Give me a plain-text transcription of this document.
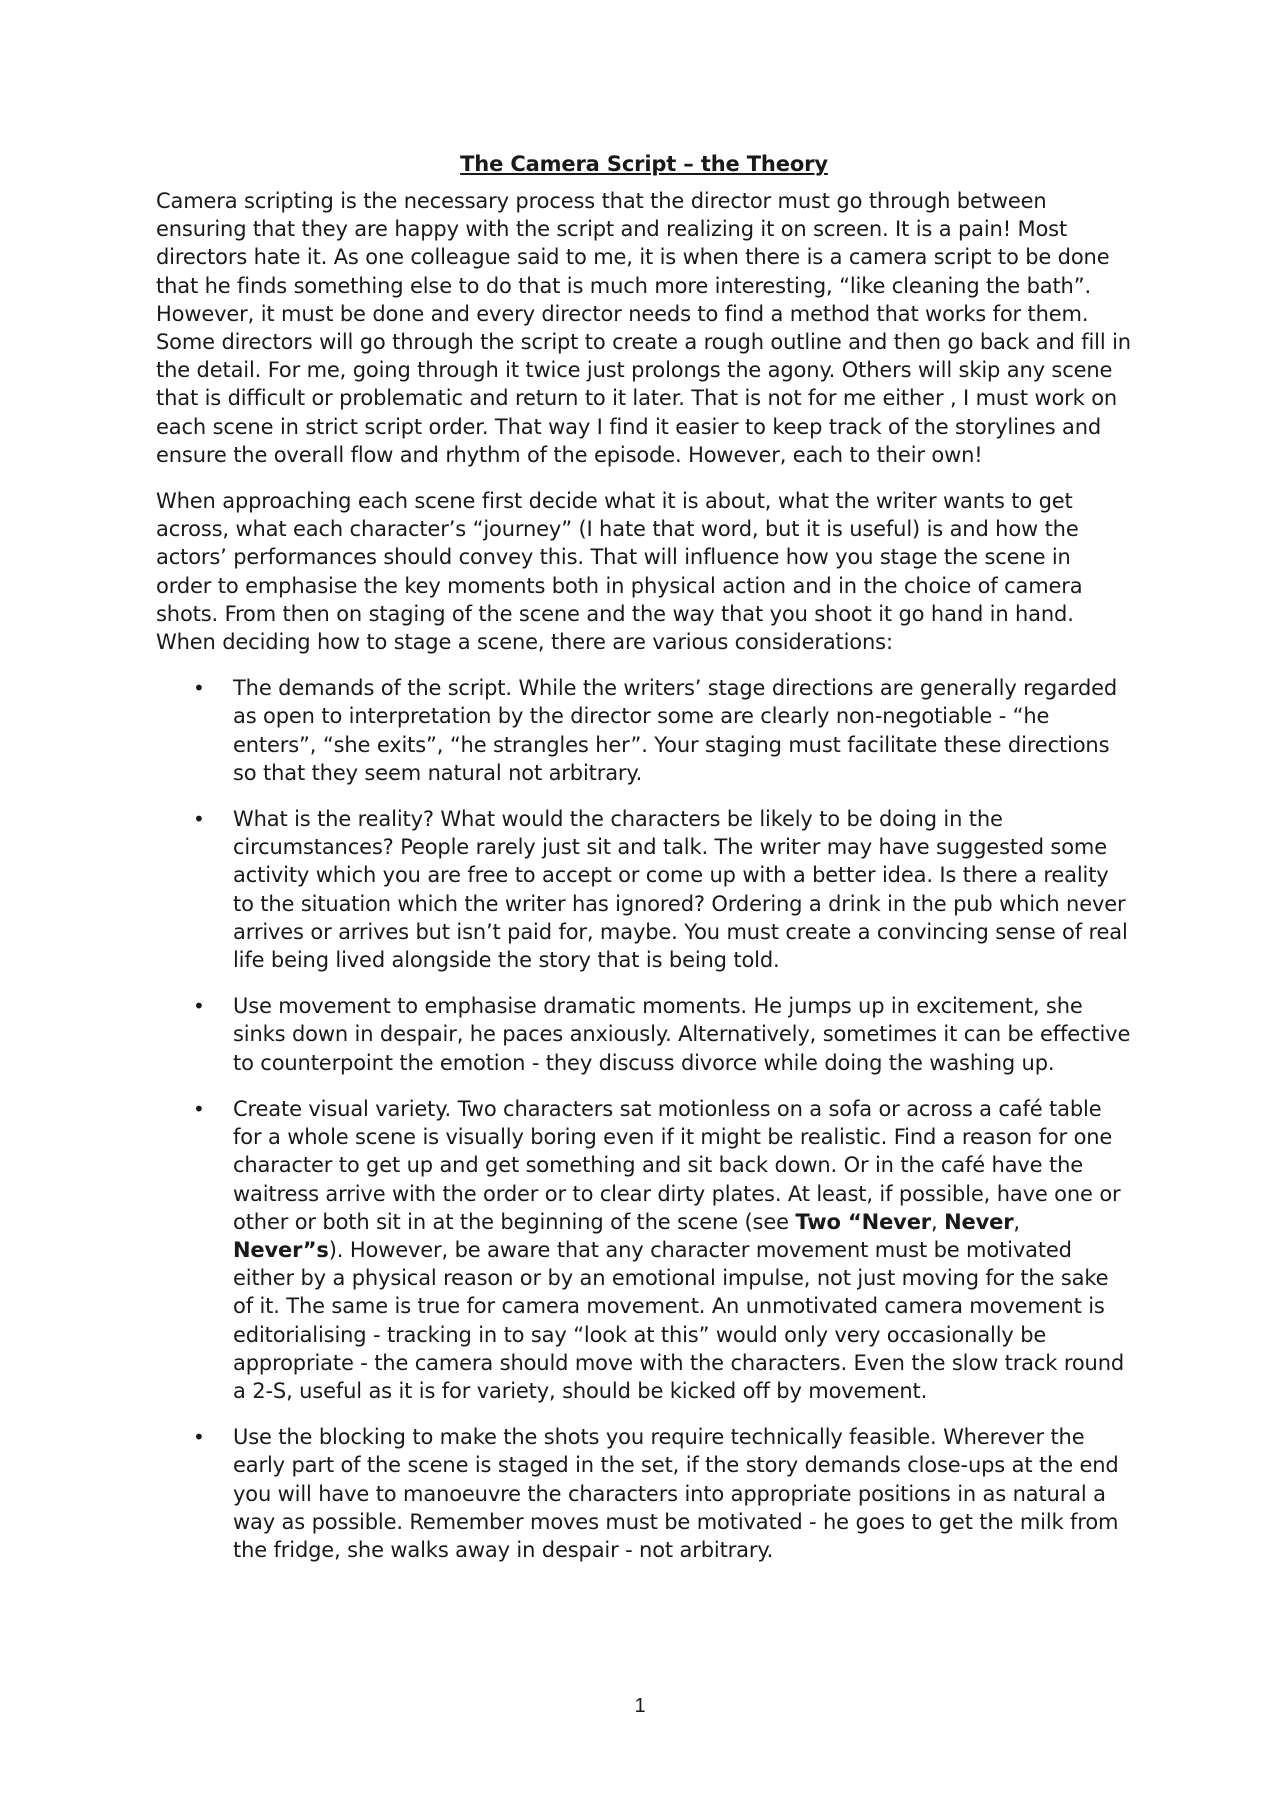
The Camera Script – the Theory

Camera scripting is the necessary process that the director must go through between ensuring that they are happy with the script and realizing it on screen. It is a pain! Most directors hate it. As one colleague said to me, it is when there is a camera script to be done that he finds something else to do that is much more interesting, “like cleaning the bath”. However, it must be done and every director needs to find a method that works for them. Some directors will go through the script to create a rough outline and then go back and fill in the detail. For me, going through it twice just prolongs the agony. Others will skip any scene that is difficult or problematic and return to it later. That is not for me either , I must work on each scene in strict script order. That way I find it easier to keep track of the storylines and ensure the overall flow and rhythm of the episode. However, each to their own!

When approaching each scene first decide what it is about, what the writer wants to get across, what each character’s “journey” (I hate that word, but it is useful) is and how the actors’ performances should convey this. That will influence how you stage the scene in order to emphasise the key moments both in physical action and in the choice of camera shots. From then on staging of the scene and the way that you shoot it go hand in hand. When deciding how to stage a scene, there are various considerations:

• The demands of the script. While the writers’ stage directions are generally regarded as open to interpretation by the director some are clearly non-negotiable - “he enters”, “she exits”, “he strangles her”. Your staging must facilitate these directions so that they seem natural not arbitrary.
• What is the reality? What would the characters be likely to be doing in the circumstances? People rarely just sit and talk. The writer may have suggested some activity which you are free to accept or come up with a better idea. Is there a reality to the situation which the writer has ignored? Ordering a drink in the pub which never arrives or arrives but isn’t paid for, maybe. You must create a convincing sense of real life being lived alongside the story that is being told.
• Use movement to emphasise dramatic moments. He jumps up in excitement, she sinks down in despair, he paces anxiously. Alternatively, sometimes it can be effective to counterpoint the emotion - they discuss divorce while doing the washing up.
• Create visual variety. Two characters sat motionless on a sofa or across a café table for a whole scene is visually boring even if it might be realistic. Find a reason for one character to get up and get something and sit back down. Or in the café have the waitress arrive with the order or to clear dirty plates. At least, if possible, have one or other or both sit in at the beginning of the scene (see Two “Never, Never, Never”s). However, be aware that any character movement must be motivated either by a physical reason or by an emotional impulse, not just moving for the sake of it. The same is true for camera movement. An unmotivated camera movement is editorialising - tracking in to say “look at this” would only very occasionally be appropriate - the camera should move with the characters. Even the slow track round a 2-S, useful as it is for variety, should be kicked off by movement.
• Use the blocking to make the shots you require technically feasible. Wherever the early part of the scene is staged in the set, if the story demands close-ups at the end you will have to manoeuvre the characters into appropriate positions in as natural a way as possible. Remember moves must be motivated - he goes to get the milk from the fridge, she walks away in despair - not arbitrary.
1
